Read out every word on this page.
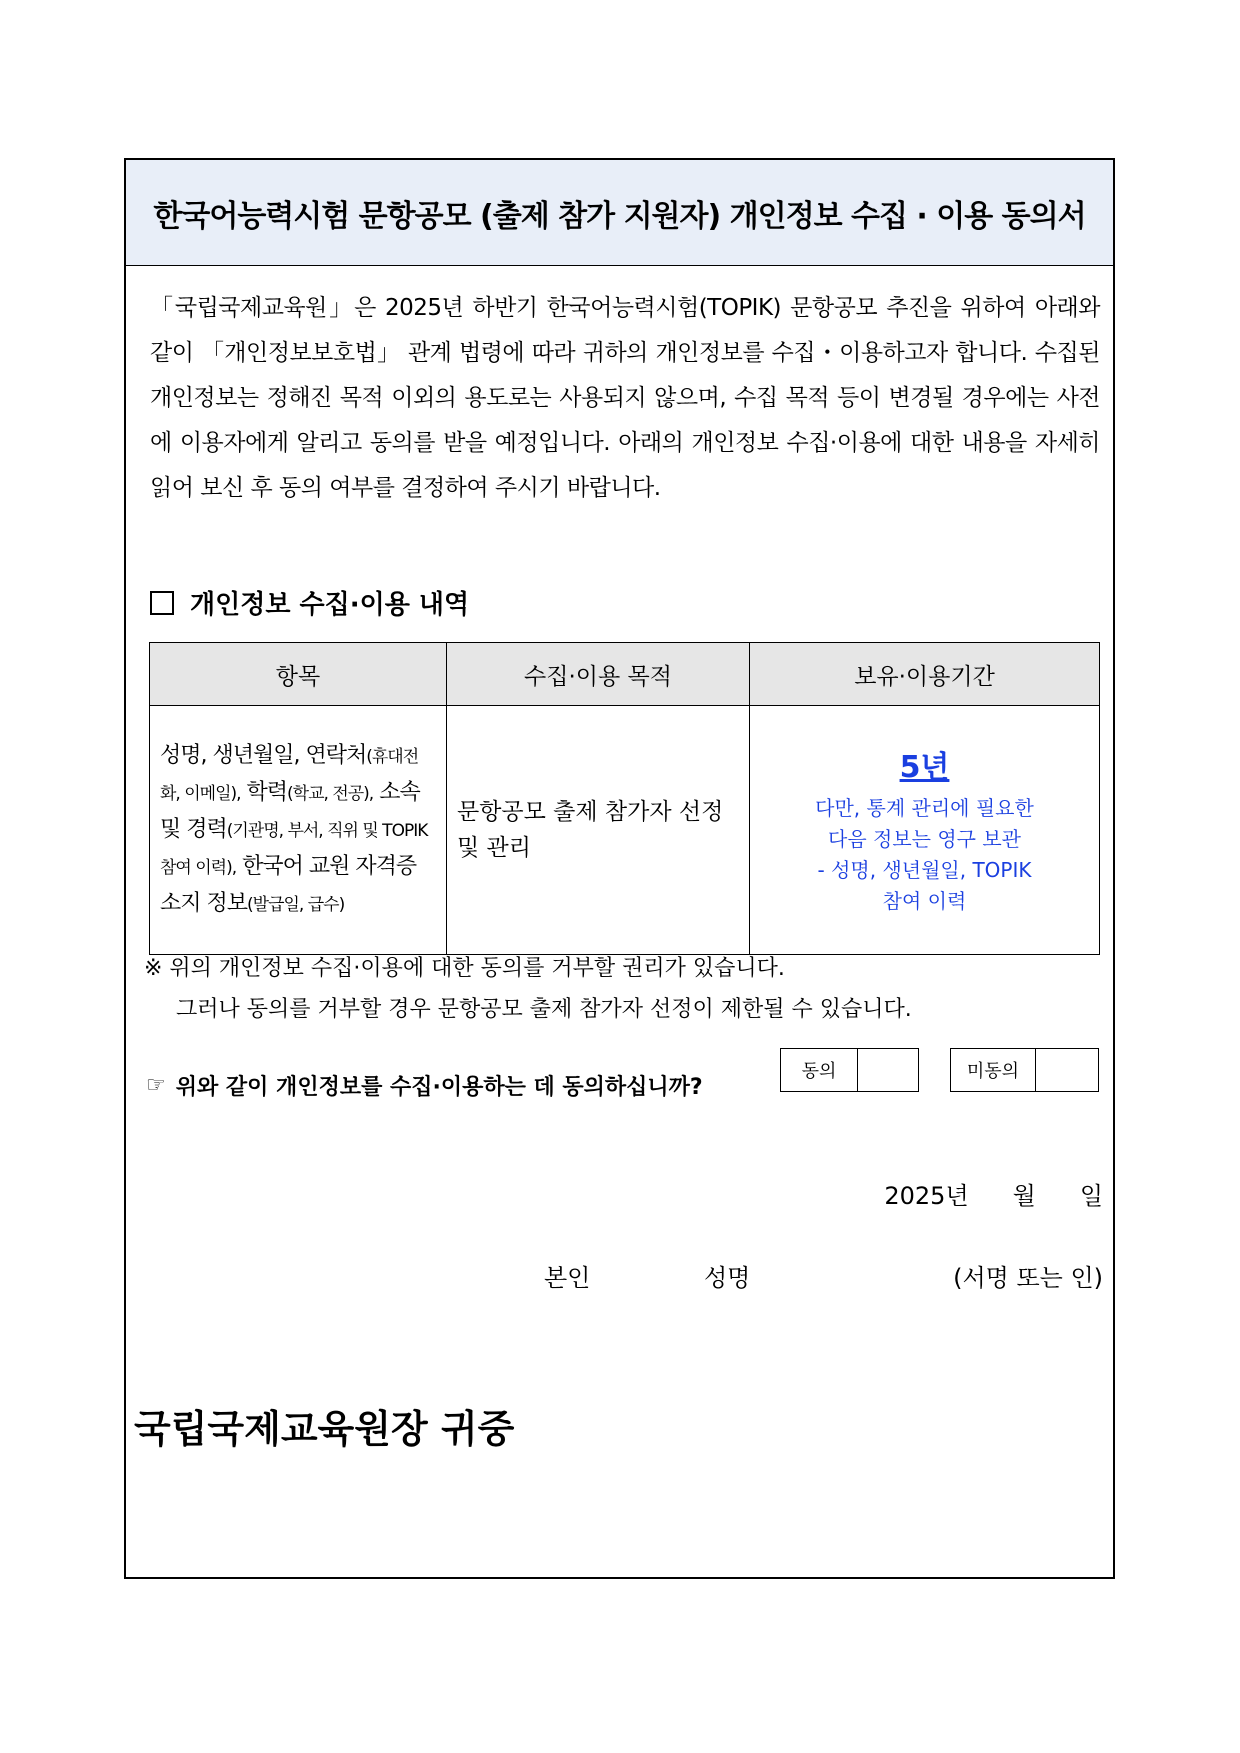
한국어능력시험 문항공모 (출제 참가 지원자) 개인정보 수집 · 이용 동의서

「국립국제교육원」은 2025년 하반기 한국어능력시험(TOPIK) 문항공모 추진을 위하여 아래와 같이 「개인정보보호법」 관계 법령에 따라 귀하의 개인정보를 수집・이용하고자 합니다. 수집된 개인정보는 정해진 목적 이외의 용도로는 사용되지 않으며, 수집 목적 등이 변경될 경우에는 사전에 이용자에게 알리고 동의를 받을 예정입니다. 아래의 개인정보 수집·이용에 대한 내용을 자세히 읽어 보신 후 동의 여부를 결정하여 주시기 바랍니다.

개인정보 수집·이용 내역
항목	수집·이용 목적	보유·이용기간
성명, 생년월일, 연락처(휴대전화, 이메일), 학력(학교, 전공), 소속 및 경력(기관명, 부서, 직위 및 TOPIK 참여 이력), 한국어 교원 자격증 소지 정보(발급일, 급수)	문항공모 출제 참가자 선정 및 관리	5년
다만, 통계 관리에 필요한
다음 정보는 영구 보관
- 성명, 생년월일, TOPIK
참여 이력
※ 위의 개인정보 수집·이용에 대한 동의를 거부할 권리가 있습니다.
그러나 동의를 거부할 경우 문항공모 출제 참가자 선정이 제한될 수 있습니다.
☞ 위와 같이 개인정보를 수집·이용하는 데 동의하십니까?
동의	미동의
2025년 월 일
본인	성명	(서명 또는 인)
국립국제교육원장 귀중
